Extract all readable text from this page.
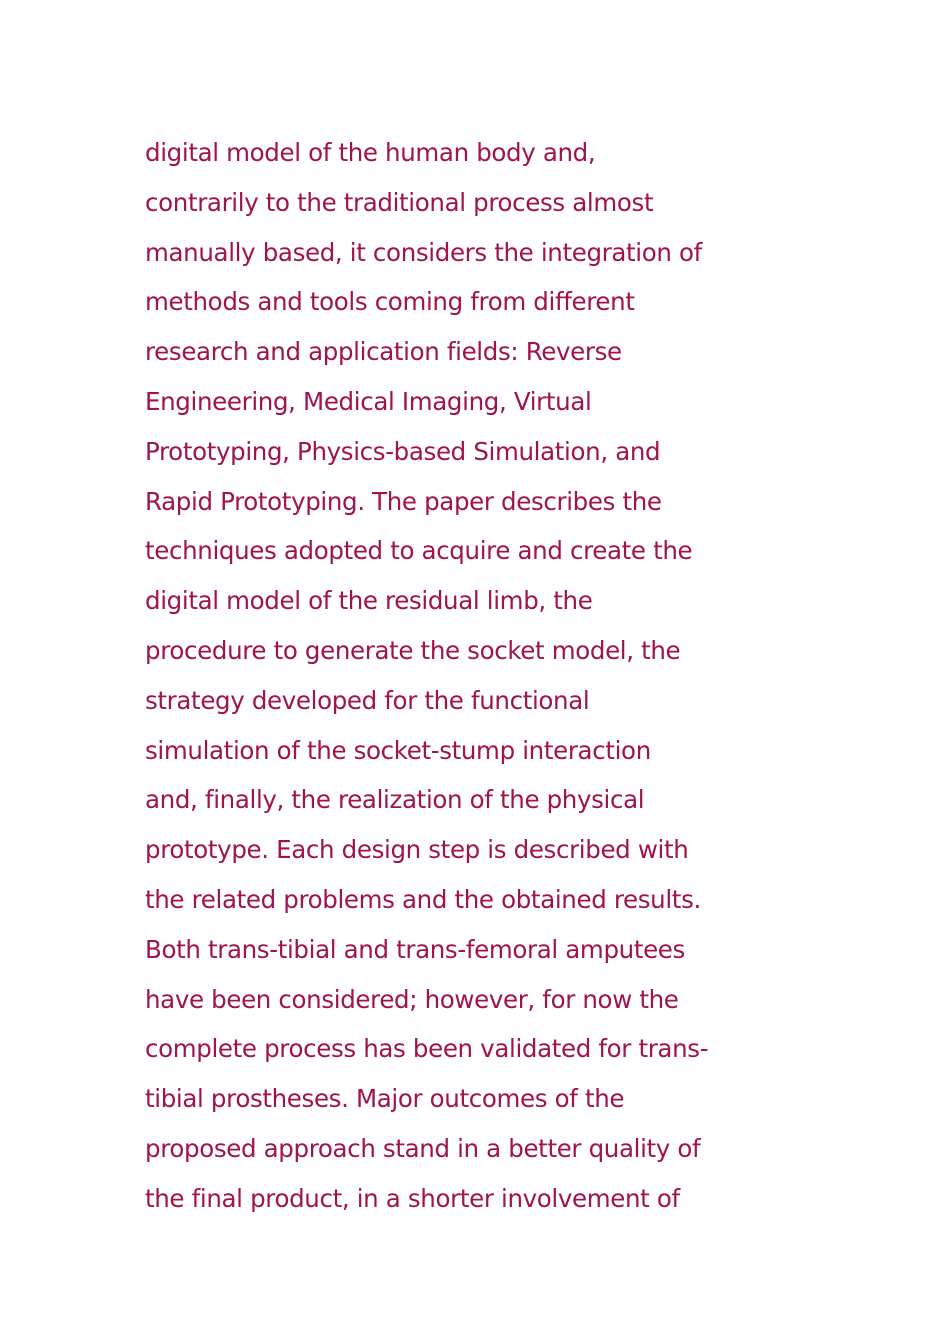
digital model of the human body and,
contrarily to the traditional process almost
manually based, it considers the integration of
methods and tools coming from different
research and application fields: Reverse
Engineering, Medical Imaging, Virtual
Prototyping, Physics-based Simulation, and
Rapid Prototyping. The paper describes the
techniques adopted to acquire and create the
digital model of the residual limb, the
procedure to generate the socket model, the
strategy developed for the functional
simulation of the socket-stump interaction
and, finally, the realization of the physical
prototype. Each design step is described with
the related problems and the obtained results.
Both trans-tibial and trans-femoral amputees
have been considered; however, for now the
complete process has been validated for trans-
tibial prostheses. Major outcomes of the
proposed approach stand in a better quality of
the final product, in a shorter involvement of
